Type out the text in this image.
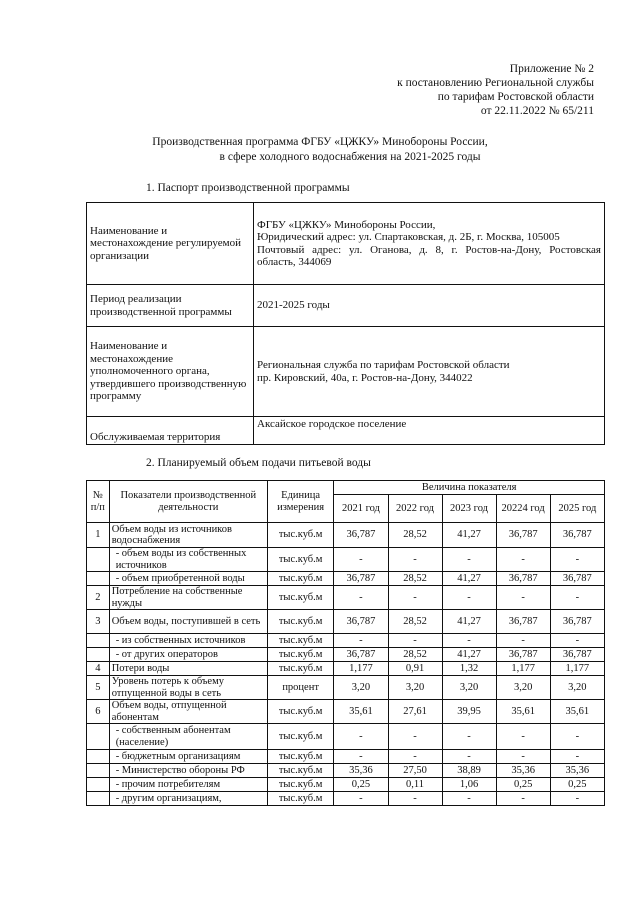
Приложение № 2
к постановлению Региональной службы
по тарифам Ростовской области
от 22.11.2022 № 65/211
Производственная программа ФГБУ «ЦЖКУ» Минобороны России,
в сфере холодного водоснабжения на 2021-2025 годы
1. Паспорт производственной программы
Наименование и местонахождение регулируемой организации	ФГБУ «ЦЖКУ» Минобороны России,
Юридический адрес: ул. Спартаковская, д. 2Б, г. Москва, 105005
Почтовый адрес: ул. Оганова, д. 8, г. Ростов-на-Дону, Ростовская область, 344069

Период реализации производственной программы	2021-2025 годы

Наименование и местонахождение уполномоченного органа, утвердившего производственную программу	Региональная служба по тарифам Ростовской области
пр. Кировский, 40а, г. Ростов-на-Дону, 344022

Обслуживаемая территория	Аксайское городское поселение
2. Планируемый объем подачи питьевой воды
№ п/п	Показатели производственной деятельности	Единица измерения	Величина показателя				
			2021 год	2022 год	2023 год	20224 год	2025 год
1	Объем воды из источников водоснабжения	тыс.куб.м	36,787	28,52	41,27	36,787	36,787
	- объем воды из собственных источников	тыс.куб.м	-	-	-	-	-
	- объем приобретенной воды	тыс.куб.м	36,787	28,52	41,27	36,787	36,787
2	Потребление на собственные нужды	тыс.куб.м	-	-	-	-	-
3	Объем воды, поступившей в сеть	тыс.куб.м	36,787	28,52	41,27	36,787	36,787
	- из собственных источников	тыс.куб.м	-	-	-	-	-
	- от других операторов	тыс.куб.м	36,787	28,52	41,27	36,787	36,787
4	Потери воды	тыс.куб.м	1,177	0,91	1,32	1,177	1,177
5	Уровень потерь к объему отпущенной воды в сеть	процент	3,20	3,20	3,20	3,20	3,20
6	Объем воды, отпущенной абонентам	тыс.куб.м	35,61	27,61	39,95	35,61	35,61
	- собственным абонентам (население)	тыс.куб.м	-	-	-	-	-
	- бюджетным организациям	тыс.куб.м	-	-	-	-	-
	- Министерство обороны РФ	тыс.куб.м	35,36	27,50	38,89	35,36	35,36
	- прочим потребителям	тыс.куб.м	0,25	0,11	1,06	0,25	0,25
	- другим организациям,	тыс.куб.м	-	-	-	-	-
